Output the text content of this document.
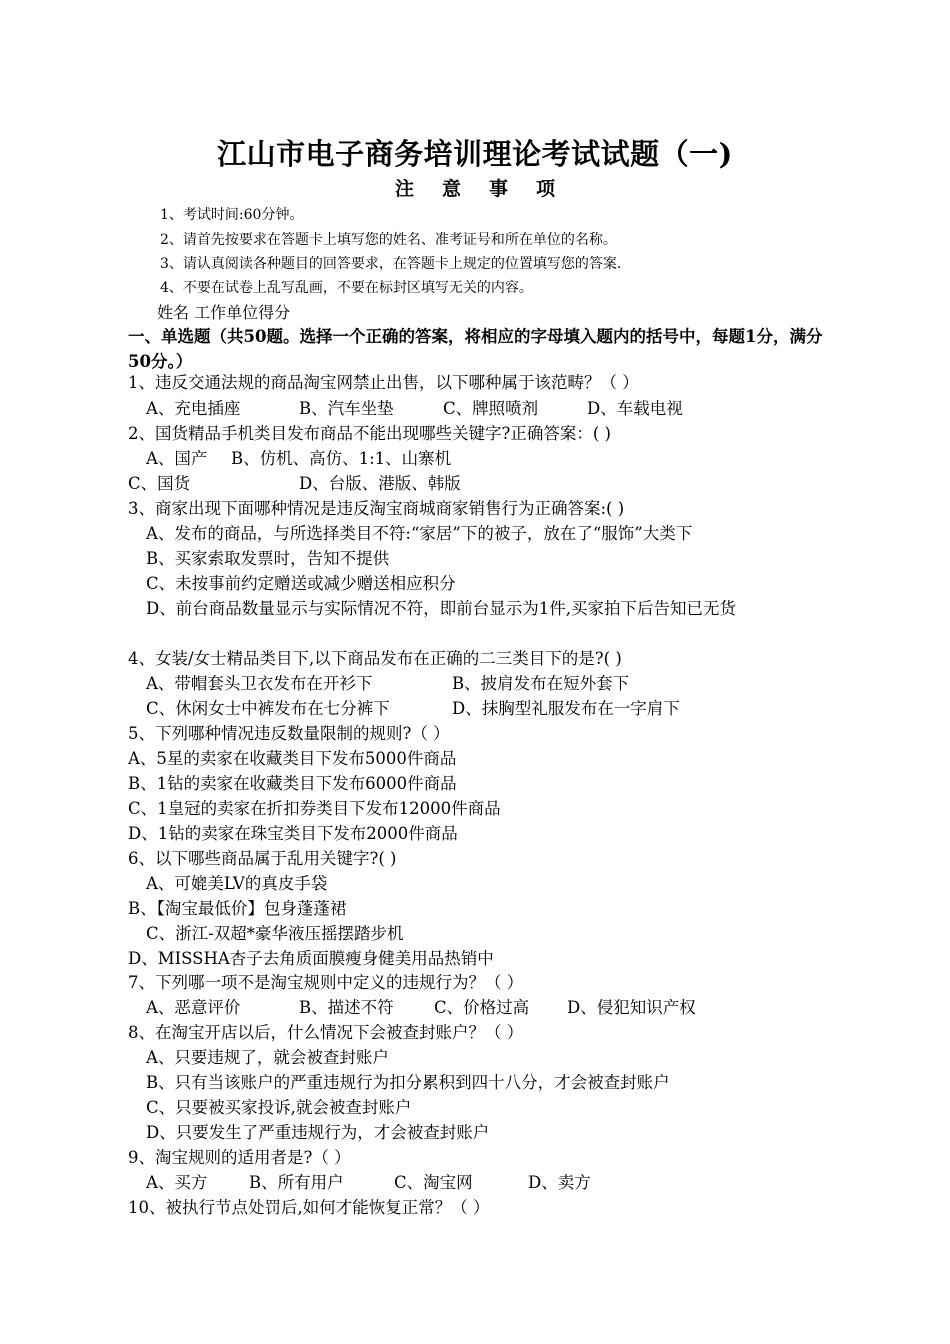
江山市电子商务培训理论考试试题（一)
注意事项
1、考试时间:60分钟。
2、请首先按要求在答题卡上填写您的姓名、准考证号和所在单位的名称。
3、请认真阅读各种题目的回答要求，在答题卡上规定的位置填写您的答案.
4、不要在试卷上乱写乱画，不要在标封区填写无关的内容。
姓名 工作单位得分
一、单选题（共50题。选择一个正确的答案，将相应的字母填入题内的括号中，每题1分，满分50分。）
1、违反交通法规的商品淘宝网禁止出售，以下哪种属于该范畴？（ ）
A、充电插座	B、汽车坐垫	C、牌照喷剂	D、车载电视
2、国货精品手机类目发布商品不能出现哪些关键字?正确答案：( )
A、国产 B、仿机、高仿、1:1、山寨机
C、国货	D、台版、港版、韩版
3、商家出现下面哪种情况是违反淘宝商城商家销售行为正确答案:( )
A、发布的商品，与所选择类目不符:“家居”下的被子，放在了“服饰”大类下
B、买家索取发票时，告知不提供
C、未按事前约定赠送或减少赠送相应积分
D、前台商品数量显示与实际情况不符，即前台显示为1件,买家拍下后告知已无货
4、女装/女士精品类目下,以下商品发布在正确的二三类目下的是?( )
A、带帽套头卫衣发布在开衫下	B、披肩发布在短外套下
C、休闲女士中裤发布在七分裤下	D、抹胸型礼服发布在一字肩下
5、下列哪种情况违反数量限制的规则?（ ）
A、5星的卖家在收藏类目下发布5000件商品
B、1钻的卖家在收藏类目下发布6000件商品
C、1皇冠的卖家在折扣券类目下发布12000件商品
D、1钻的卖家在珠宝类目下发布2000件商品
6、以下哪些商品属于乱用关键字?( )
A、可媲美LV的真皮手袋
B、【淘宝最低价】包身蓬蓬裙
C、浙江-双超*豪华液压摇摆踏步机
D、MISSHA杏子去角质面膜瘦身健美用品热销中
7、下列哪一项不是淘宝规则中定义的违规行为？（ ）
A、恶意评价	B、描述不符 C、价格过高 D、侵犯知识产权
8、在淘宝开店以后，什么情况下会被查封账户？（ ）
A、只要违规了，就会被查封账户
B、只有当该账户的严重违规行为扣分累积到四十八分，才会被查封账户
C、只要被买家投诉,就会被查封账户
D、只要发生了严重违规行为，才会被查封账户
9、淘宝规则的适用者是?（ ）
A、买方	B、所有用户	C、淘宝网	D、卖方
10、被执行节点处罚后,如何才能恢复正常？（ ）
